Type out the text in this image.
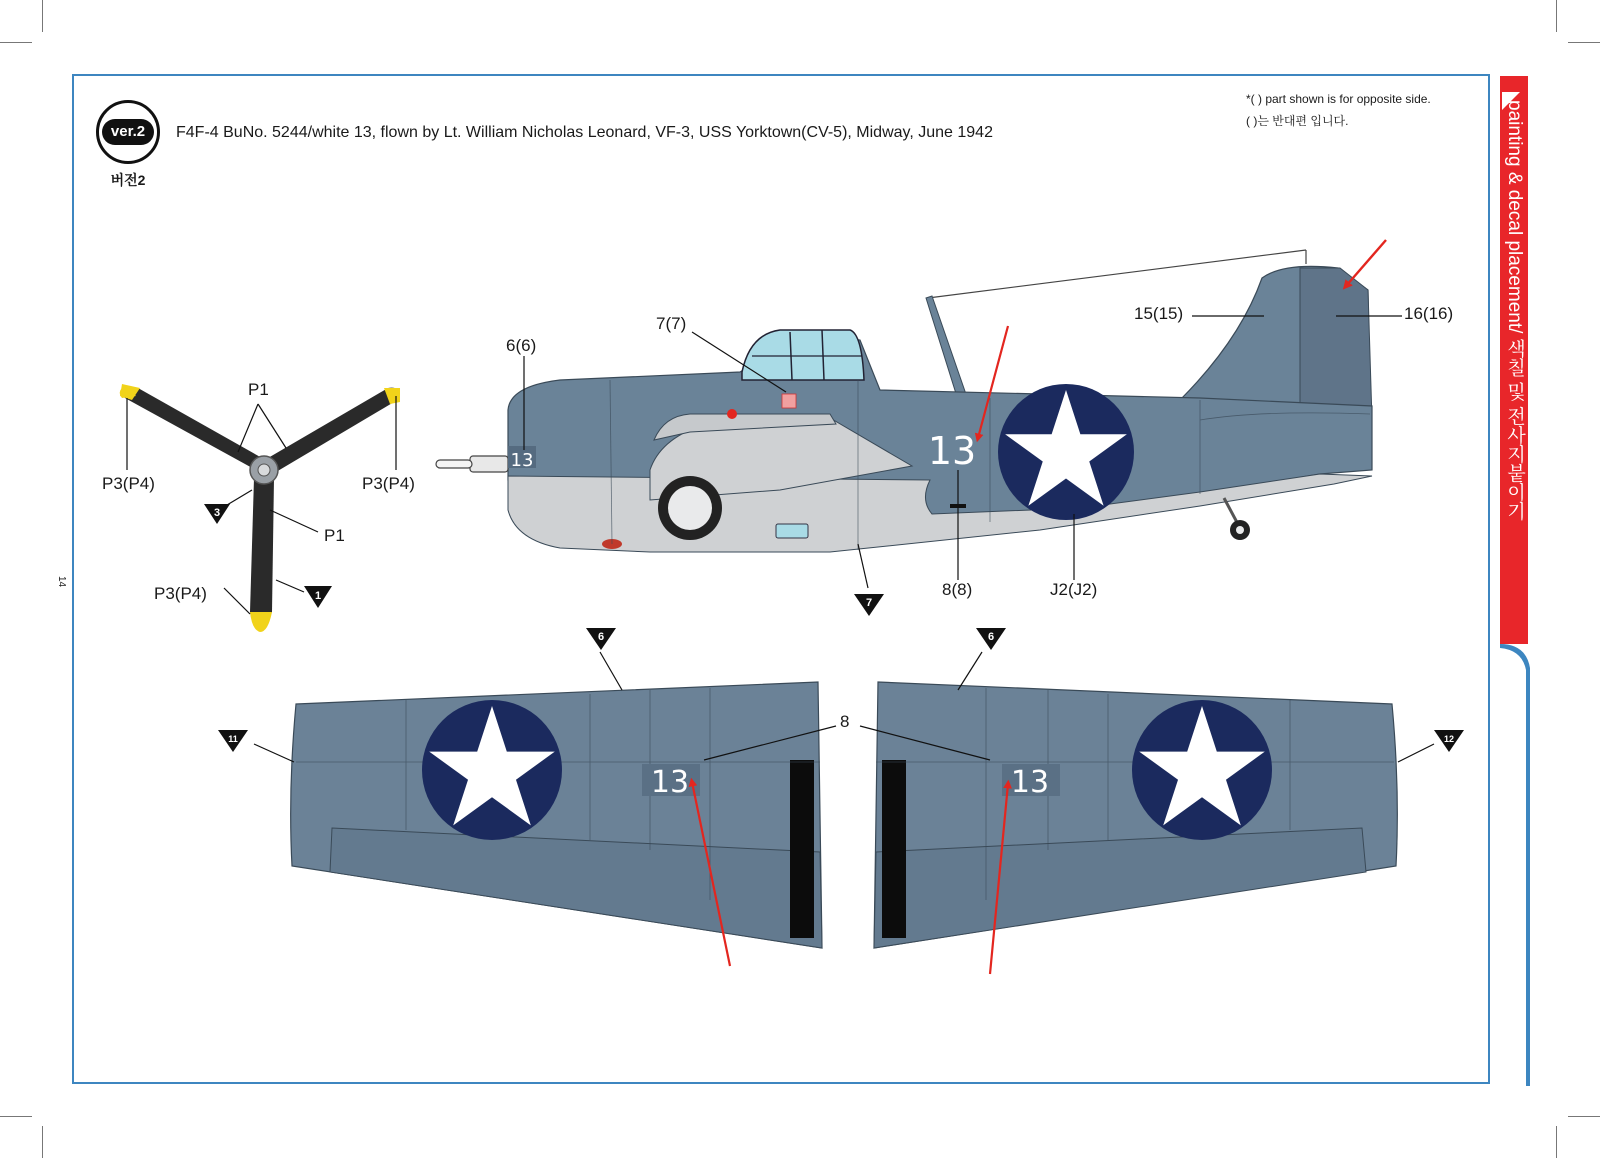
painting & decal placement/ 색칠 및 전사지붙이기
14
ver.2
버전2
F4F-4 BuNo. 5244/white 13, flown by Lt. William Nicholas Leonard, VF-3, USS Yorktown(CV-5), Midway, June 1942
*( ) part shown is for opposite side.
( )는 반대편 입니다.
3
1
7
6	6
11	12
13
13
13	13
P1
P3(P4)	P3(P4)
P1
P3(P4)
6(6)
7(7)
15(15)	16(16)
8(8)	J2(J2)
8
